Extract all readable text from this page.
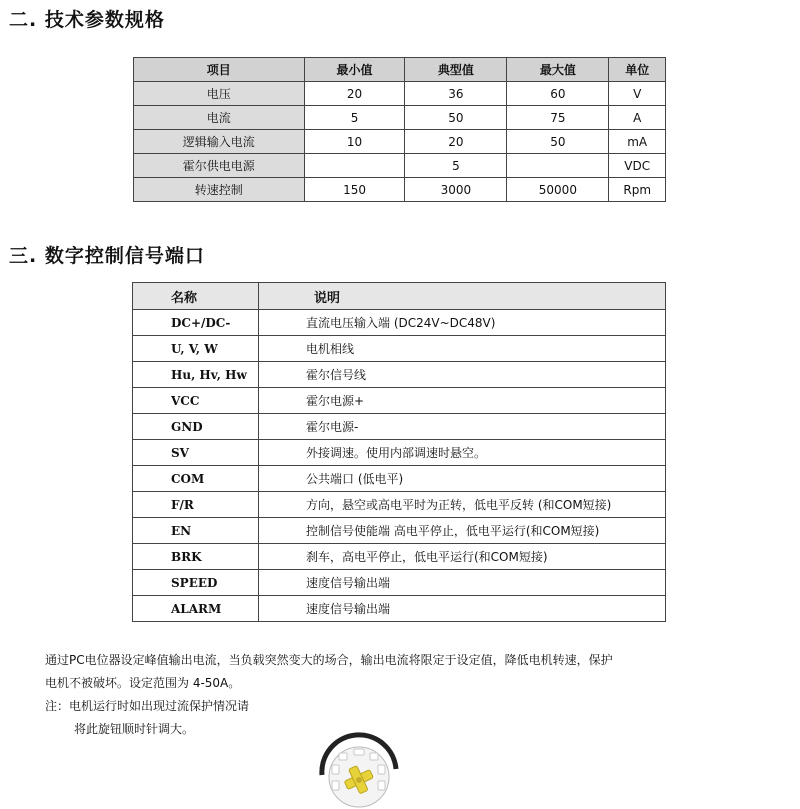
二. 技术参数规格
项目	最小值	典型值	最大值	单位
电压	20	36	60	V
电流	5	50	75	A
逻辑输入电流	10	20	50	mA
霍尔供电电源		5		VDC
转速控制	150	3000	50000	Rpm
三. 数字控制信号端口
名称	说明
DC+/DC-	直流电压输入端 (DC24V~DC48V)
U, V, W	电机相线
Hu, Hv, Hw	霍尔信号线
VCC	霍尔电源+
GND	霍尔电源-
SV	外接调速。使用内部调速时悬空。
COM	公共端口 (低电平)
F/R	方向，悬空或高电平时为正转，低电平反转 (和COM短接)
EN	控制信号使能端 高电平停止，低电平运行(和COM短接)
BRK	刹车，高电平停止，低电平运行(和COM短接)
SPEED	速度信号输出端
ALARM	速度信号输出端
通过PC电位器设定峰值输出电流，当负载突然变大的场合，输出电流将限定于设定值，降低电机转速，保护
电机不被破坏。设定范围为 4-50A。
注：电机运行时如出现过流保护情况请
将此旋钮顺时针调大。
